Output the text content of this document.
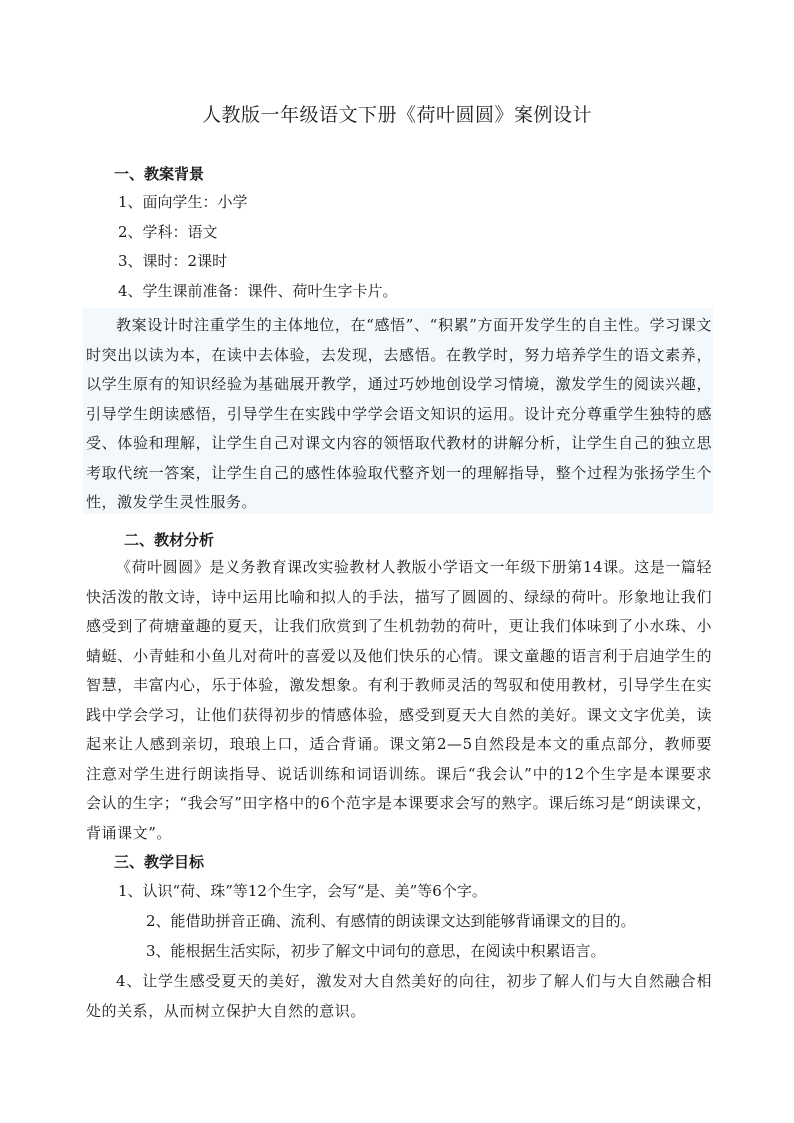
人教版一年级语文下册《荷叶圆圆》案例设计
一、教案背景
1、面向学生：小学
2、学科：语文
3、课时：2课时
4、学生课前准备：课件、荷叶生字卡片。
教案设计时注重学生的主体地位，在“感悟”、“积累”方面开发学生的自主性。学习课文时突出以读为本，在读中去体验，去发现，去感悟。在教学时，努力培养学生的语文素养，以学生原有的知识经验为基础展开教学，通过巧妙地创设学习情境，激发学生的阅读兴趣，引导学生朗读感悟，引导学生在实践中学学会语文知识的运用。设计充分尊重学生独特的感受、体验和理解，让学生自己对课文内容的领悟取代教材的讲解分析，让学生自己的独立思考取代统一答案，让学生自己的感性体验取代整齐划一的理解指导，整个过程为张扬学生个性，激发学生灵性服务。
二、教材分析
《荷叶圆圆》是义务教育课改实验教材人教版小学语文一年级下册第14课。这是一篇轻快活泼的散文诗，诗中运用比喻和拟人的手法，描写了圆圆的、绿绿的荷叶。形象地让我们感受到了荷塘童趣的夏天，让我们欣赏到了生机勃勃的荷叶，更让我们体味到了小水珠、小蜻蜓、小青蛙和小鱼儿对荷叶的喜爱以及他们快乐的心情。课文童趣的语言利于启迪学生的智慧，丰富内心，乐于体验，激发想象。有利于教师灵活的驾驭和使用教材，引导学生在实践中学会学习，让他们获得初步的情感体验，感受到夏天大自然的美好。课文文字优美，读起来让人感到亲切，琅琅上口，适合背诵。课文第2—5自然段是本文的重点部分，教师要注意对学生进行朗读指导、说话训练和词语训练。课后“我会认”中的12个生字是本课要求会认的生字；“我会写”田字格中的6个范字是本课要求会写的熟字。课后练习是“朗读课文，背诵课文”。
三、教学目标
1、认识“荷、珠”等12个生字，会写“是、美”等6个字。
2、能借助拼音正确、流利、有感情的朗读课文达到能够背诵课文的目的。
3、能根据生活实际，初步了解文中词句的意思，在阅读中积累语言。
4、让学生感受夏天的美好，激发对大自然美好的向往，初步了解人们与大自然融合相处的关系，从而树立保护大自然的意识。
